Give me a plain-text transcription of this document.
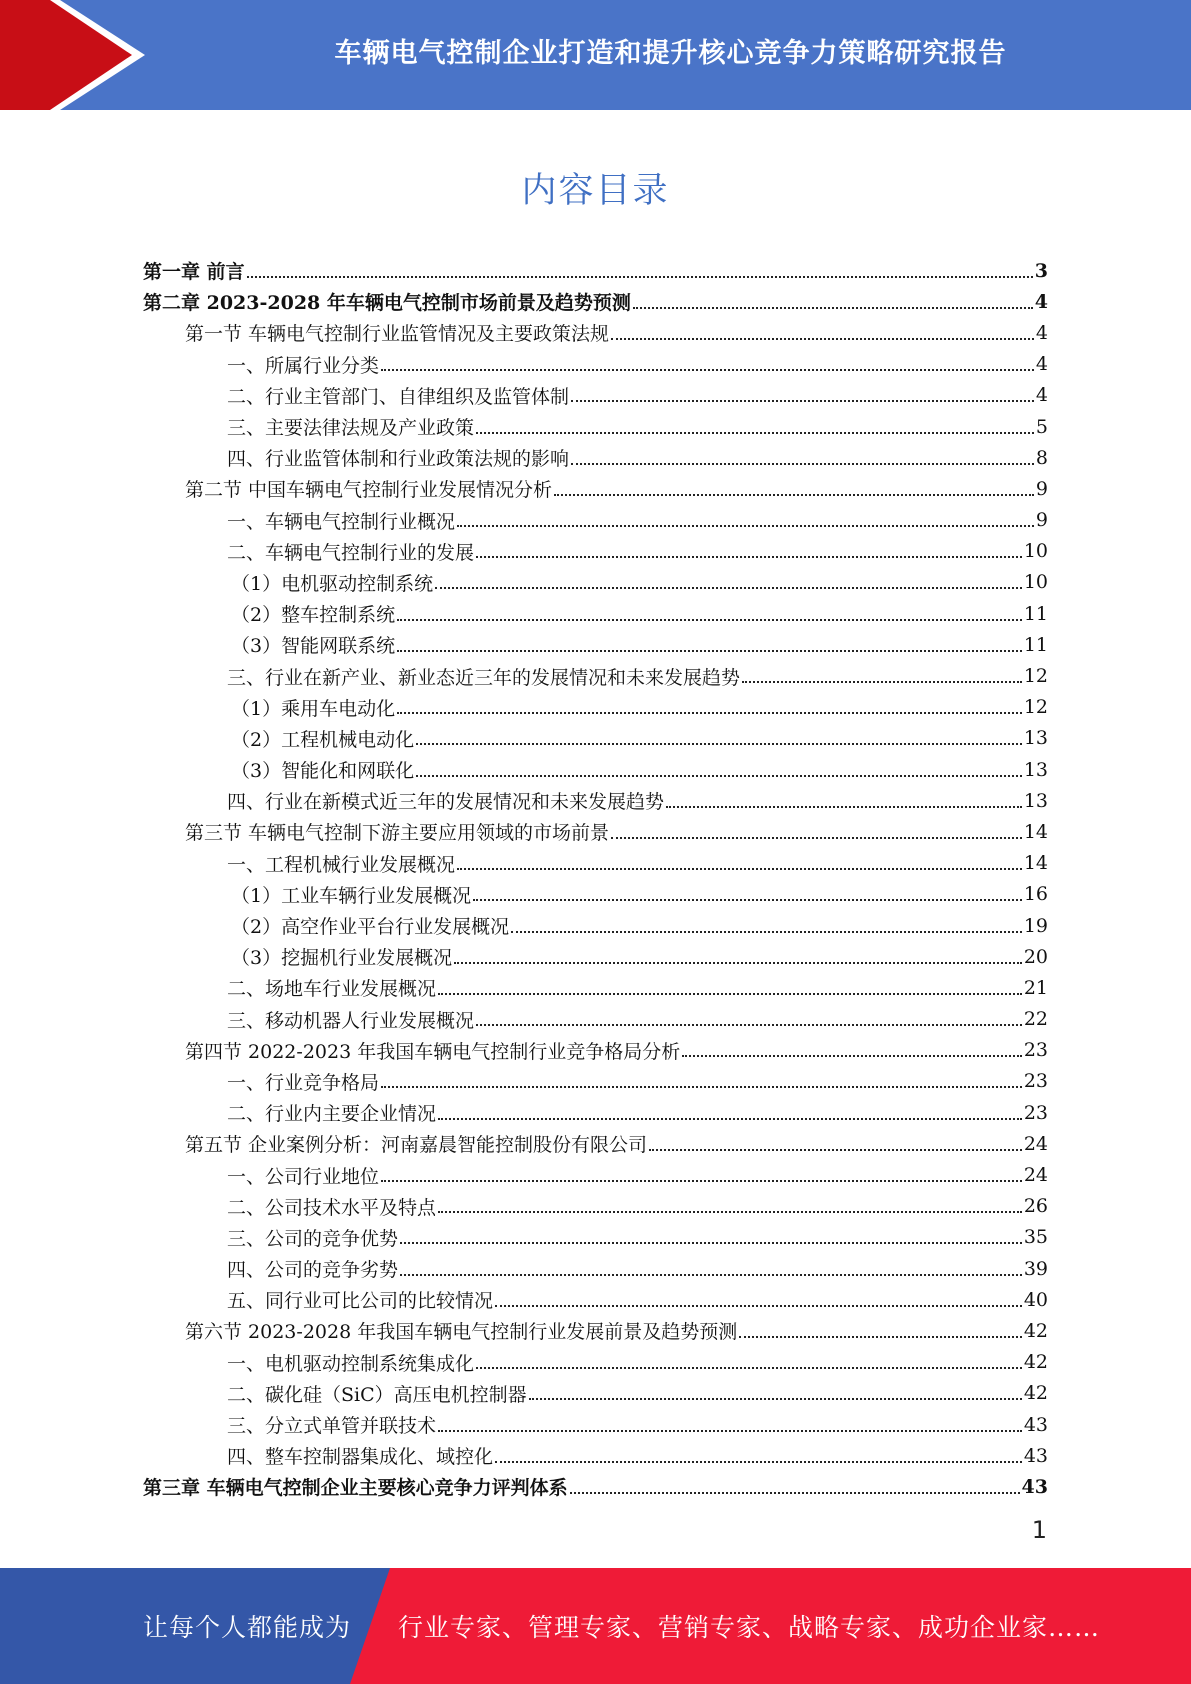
车辆电气控制企业打造和提升核心竞争力策略研究报告
内容目录
第一章 前言	3
第二章 2023-2028 年车辆电气控制市场前景及趋势预测	4
第一节 车辆电气控制行业监管情况及主要政策法规	4
一、所属行业分类	4
二、行业主管部门、自律组织及监管体制	4
三、主要法律法规及产业政策	5
四、行业监管体制和行业政策法规的影响	8
第二节 中国车辆电气控制行业发展情况分析	9
一、车辆电气控制行业概况	9
二、车辆电气控制行业的发展	10
（1）电机驱动控制系统	10
（2）整车控制系统	11
（3）智能网联系统	11
三、行业在新产业、新业态近三年的发展情况和未来发展趋势	12
（1）乘用车电动化	12
（2）工程机械电动化	13
（3）智能化和网联化	13
四、行业在新模式近三年的发展情况和未来发展趋势	13
第三节 车辆电气控制下游主要应用领域的市场前景	14
一、工程机械行业发展概况	14
（1）工业车辆行业发展概况	16
（2）高空作业平台行业发展概况	19
（3）挖掘机行业发展概况	20
二、场地车行业发展概况	21
三、移动机器人行业发展概况	22
第四节 2022-2023 年我国车辆电气控制行业竞争格局分析	23
一、行业竞争格局	23
二、行业内主要企业情况	23
第五节 企业案例分析：河南嘉晨智能控制股份有限公司	24
一、公司行业地位	24
二、公司技术水平及特点	26
三、公司的竞争优势	35
四、公司的竞争劣势	39
五、同行业可比公司的比较情况	40
第六节 2023-2028 年我国车辆电气控制行业发展前景及趋势预测	42
一、电机驱动控制系统集成化	42
二、碳化硅（SiC）高压电机控制器	42
三、分立式单管并联技术	43
四、整车控制器集成化、域控化	43
第三章 车辆电气控制企业主要核心竞争力评判体系	43
1
让每个人都能成为 行业专家、管理专家、营销专家、战略专家、成功企业家……
